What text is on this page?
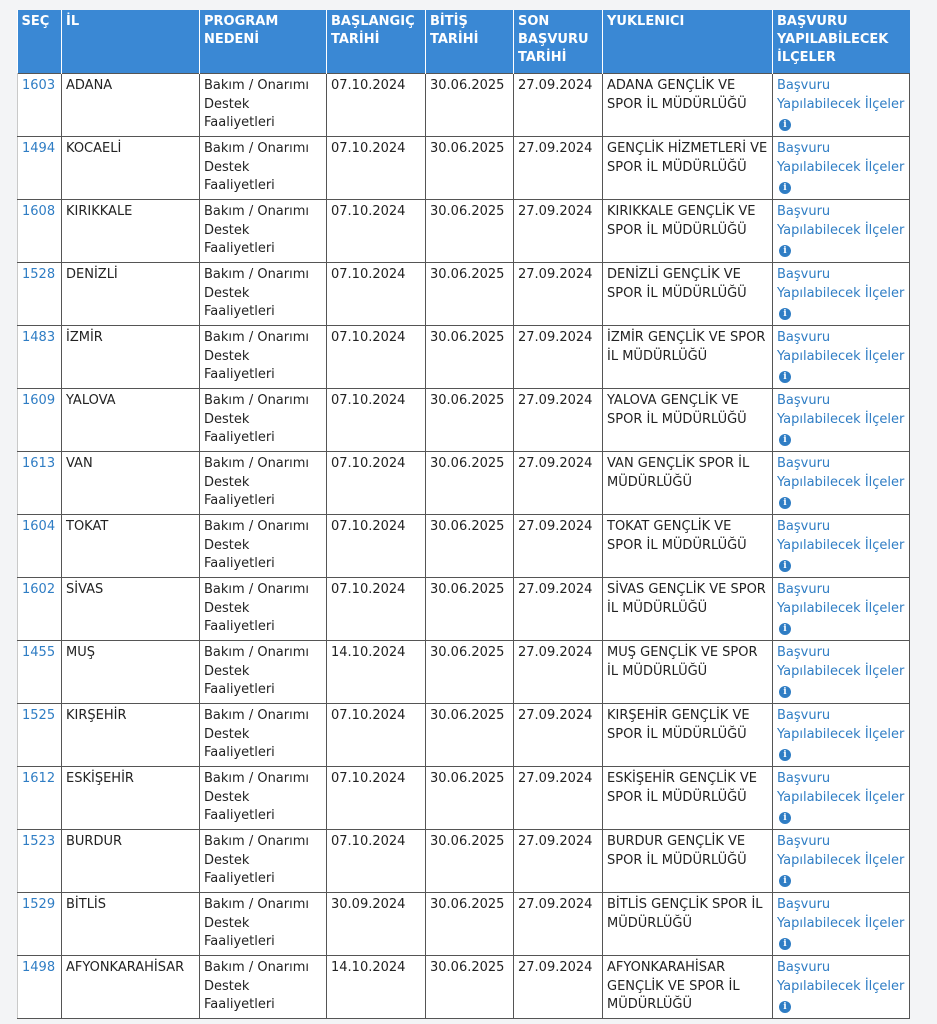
SEÇ	İL	PROGRAM NEDENİ	BAŞLANGIÇ TARİHİ	BİTİŞ TARİHİ	SON BAŞVURU TARİHİ	YUKLENICI	BAŞVURU YAPILABİLECEK İLÇELER
1603	ADANA	Bakım / Onarımı Destek Faaliyetleri	07.10.2024	30.06.2025	27.09.2024	ADANA GENÇLİK VE SPOR İL MÜDÜRLÜĞÜ	Başvuru Yapılabilecek İlçeleri
1494	KOCAELİ	Bakım / Onarımı Destek Faaliyetleri	07.10.2024	30.06.2025	27.09.2024	GENÇLİK HİZMETLERİ VE SPOR İL MÜDÜRLÜĞÜ	Başvuru Yapılabilecek İlçeleri
1608	KIRIKKALE	Bakım / Onarımı Destek Faaliyetleri	07.10.2024	30.06.2025	27.09.2024	KIRIKKALE GENÇLİK VE SPOR İL MÜDÜRLÜĞÜ	Başvuru Yapılabilecek İlçeleri
1528	DENİZLİ	Bakım / Onarımı Destek Faaliyetleri	07.10.2024	30.06.2025	27.09.2024	DENİZLİ GENÇLİK VE SPOR İL MÜDÜRLÜĞÜ	Başvuru Yapılabilecek İlçeleri
1483	İZMİR	Bakım / Onarımı Destek Faaliyetleri	07.10.2024	30.06.2025	27.09.2024	İZMİR GENÇLİK VE SPOR İL MÜDÜRLÜĞÜ	Başvuru Yapılabilecek İlçeleri
1609	YALOVA	Bakım / Onarımı Destek Faaliyetleri	07.10.2024	30.06.2025	27.09.2024	YALOVA GENÇLİK VE SPOR İL MÜDÜRLÜĞÜ	Başvuru Yapılabilecek İlçeleri
1613	VAN	Bakım / Onarımı Destek Faaliyetleri	07.10.2024	30.06.2025	27.09.2024	VAN GENÇLİK SPOR İL MÜDÜRLÜĞÜ	Başvuru Yapılabilecek İlçeleri
1604	TOKAT	Bakım / Onarımı Destek Faaliyetleri	07.10.2024	30.06.2025	27.09.2024	TOKAT GENÇLİK VE SPOR İL MÜDÜRLÜĞÜ	Başvuru Yapılabilecek İlçeleri
1602	SİVAS	Bakım / Onarımı Destek Faaliyetleri	07.10.2024	30.06.2025	27.09.2024	SİVAS GENÇLİK VE SPOR İL MÜDÜRLÜĞÜ	Başvuru Yapılabilecek İlçeleri
1455	MUŞ	Bakım / Onarımı Destek Faaliyetleri	14.10.2024	30.06.2025	27.09.2024	MUŞ GENÇLİK VE SPOR İL MÜDÜRLÜĞÜ	Başvuru Yapılabilecek İlçeleri
1525	KIRŞEHİR	Bakım / Onarımı Destek Faaliyetleri	07.10.2024	30.06.2025	27.09.2024	KIRŞEHİR GENÇLİK VE SPOR İL MÜDÜRLÜĞÜ	Başvuru Yapılabilecek İlçeleri
1612	ESKİŞEHİR	Bakım / Onarımı Destek Faaliyetleri	07.10.2024	30.06.2025	27.09.2024	ESKİŞEHİR GENÇLİK VE SPOR İL MÜDÜRLÜĞÜ	Başvuru Yapılabilecek İlçeleri
1523	BURDUR	Bakım / Onarımı Destek Faaliyetleri	07.10.2024	30.06.2025	27.09.2024	BURDUR GENÇLİK VE SPOR İL MÜDÜRLÜĞÜ	Başvuru Yapılabilecek İlçeleri
1529	BİTLİS	Bakım / Onarımı Destek Faaliyetleri	30.09.2024	30.06.2025	27.09.2024	BİTLİS GENÇLİK SPOR İL MÜDÜRLÜĞÜ	Başvuru Yapılabilecek İlçeleri
1498	AFYONKARAHİSAR	Bakım / Onarımı Destek Faaliyetleri	14.10.2024	30.06.2025	27.09.2024	AFYONKARAHİSAR GENÇLİK VE SPOR İL MÜDÜRLÜĞÜ	Başvuru Yapılabilecek İlçeleri
